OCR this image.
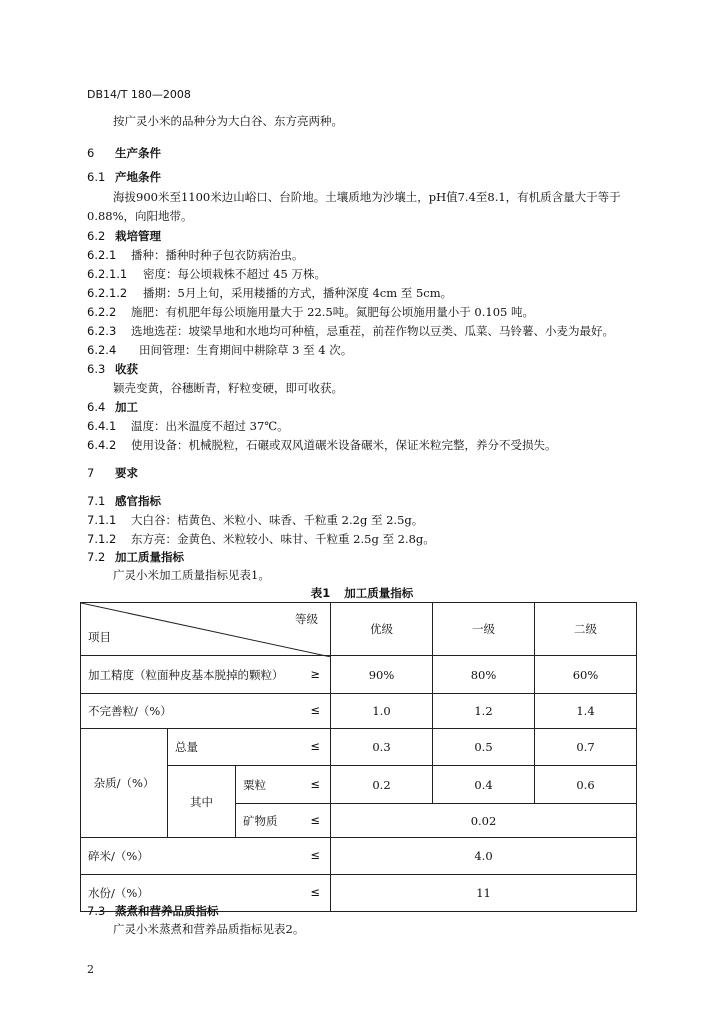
DB14/T 180—2008
按广灵小米的品种分为大白谷、东方亮两种。
6 生产条件
6.1 产地条件
海拔900米至1100米边山峪口、台阶地。土壤质地为沙壤土，pH值7.4至8.1，有机质含量大于等于
0.88%，向阳地带。
6.2 栽培管理
6.2.1 播种：播种时种子包衣防病治虫。
6.2.1.1 密度：每公顷栽株不超过 45 万株。
6.2.1.2 播期：5月上旬，采用耧播的方式，播种深度 4cm 至 5cm。
6.2.2 施肥：有机肥年每公顷施用量大于 22.5吨。氮肥每公顷施用量小于 0.105 吨。
6.2.3 选地选茬：坡梁旱地和水地均可种植，忌重茬，前茬作物以豆类、瓜菜、马铃薯、小麦为最好。
6.2.4 田间管理：生育期间中耕除草 3 至 4 次。
6.3 收获
颖壳变黄，谷穗断青，籽粒变硬，即可收获。
6.4 加工
6.4.1 温度：出米温度不超过 37℃。
6.4.2 使用设备：机械脱粒，石碾或双风道碾米设备碾米，保证米粒完整，养分不受损失。
7 要求
7.1 感官指标
7.1.1 大白谷：桔黄色、米粒小、味香、千粒重 2.2g 至 2.5g。
7.1.2 东方亮：金黄色、米粒较小、味甘、千粒重 2.5g 至 2.8g。
7.2 加工质量指标
广灵小米加工质量指标见表1。
表1 加工质量指标
等级
项目			优级	一级	二级
加工精度（粒面种皮基本脱掉的颗粒） ≥			90%	80%	60%
不完善粒/（%） ≤			1.0	1.2	1.4
杂质/（%）	总量 ≤		0.3	0.5	0.7
	其中	粟粒 ≤	0.2	0.4	0.6
		矿物质 ≤	0.02		
碎米/（%） ≤			4.0		
水份/（%） ≤			11		
7.3 蒸煮和营养品质指标
广灵小米蒸煮和营养品质指标见表2。
2
